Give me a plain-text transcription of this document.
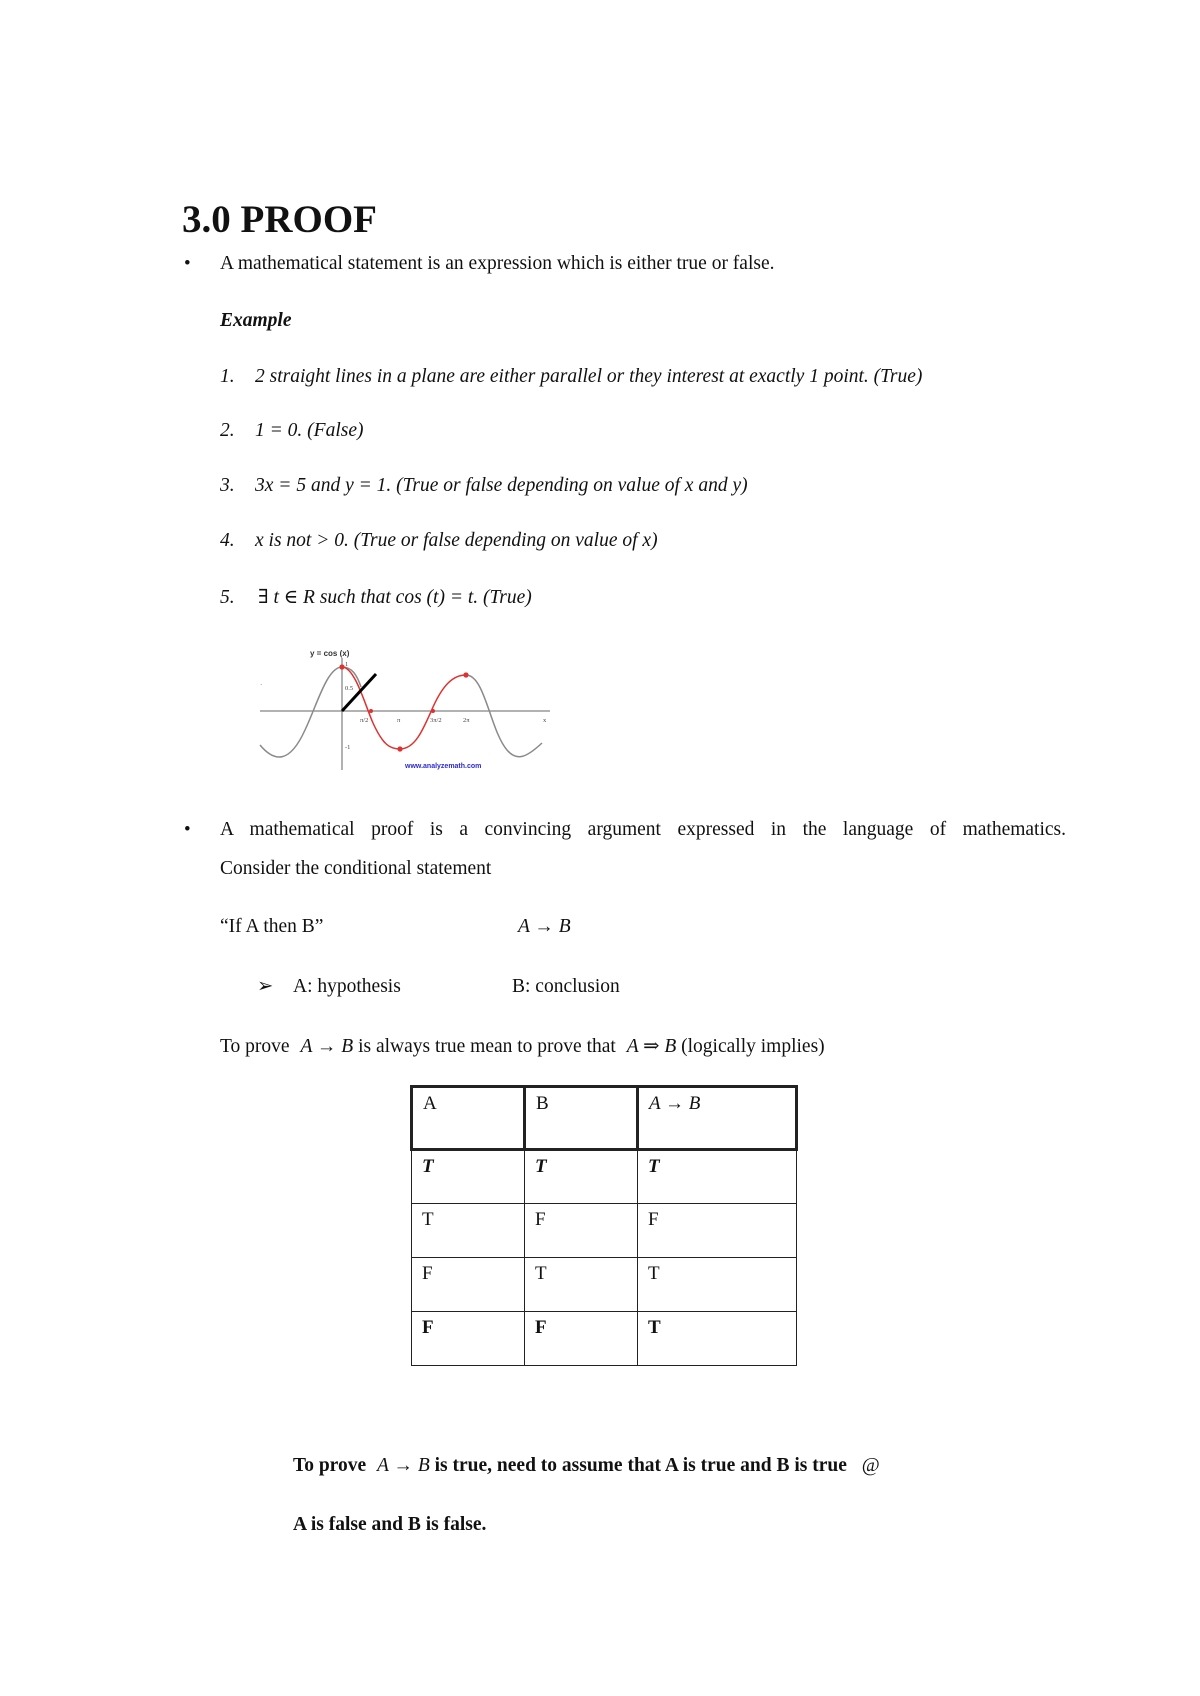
3.0 PROOF
• A mathematical statement is an expression which is either true or false.
Example
1. 2 straight lines in a plane are either parallel or they interest at exactly 1 point. (True)
2. 1 = 0. (False)
3. 3x = 5 and y = 1. (True or false depending on value of x and y)
4. x is not > 0. (True or false depending on value of x)
5. ∃ t ∈ R such that cos (t) = t. (True)
y = cos (x)
·
π/2	π	3π/2	2π	x
1
0.5
-1
www.analyzemath.com
• A mathematical proof is a convincing argument expressed in the language of mathematics.
Consider the conditional statement
“If A then B”	A → B
➢ A: hypothesis	B: conclusion
To prove A → B is always true mean to prove that A ⇒ B (logically implies)
A	B	A → B
T	T	T
T	F	F
F	T	T
F	F	T
To prove A → B is true, need to assume that A is true and B is true @
A is false and B is false.
